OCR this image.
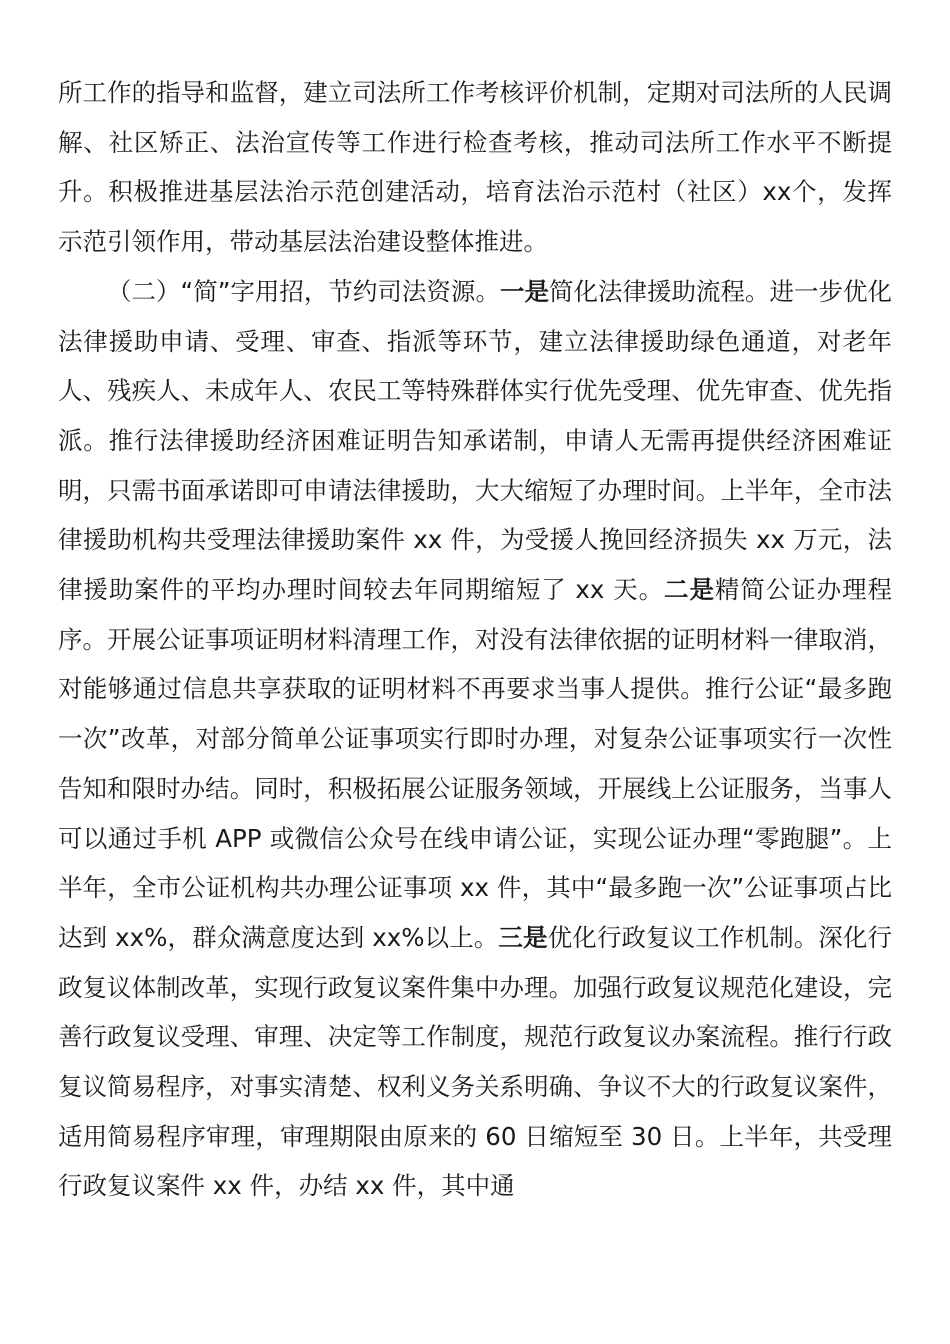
所工作的指导和监督，建立司法所工作考核评价机制，定期对司法所的人民调解、社区矫正、法治宣传等工作进行检查考核，推动司法所工作水平不断提升。积极推进基层法治示范创建活动，培育法治示范村（社区）xx个，发挥示范引领作用，带动基层法治建设整体推进。

（二）“简”字用招，节约司法资源。一是简化法律援助流程。进一步优化法律援助申请、受理、审查、指派等环节，建立法律援助绿色通道，对老年人、残疾人、未成年人、农民工等特殊群体实行优先受理、优先审查、优先指派。推行法律援助经济困难证明告知承诺制，申请人无需再提供经济困难证明，只需书面承诺即可申请法律援助，大大缩短了办理时间。上半年，全市法律援助机构共受理法律援助案件 xx 件，为受援人挽回经济损失 xx 万元，法律援助案件的平均办理时间较去年同期缩短了 xx 天。二是精简公证办理程序。开展公证事项证明材料清理工作，对没有法律依据的证明材料一律取消，对能够通过信息共享获取的证明材料不再要求当事人提供。推行公证“最多跑一次”改革，对部分简单公证事项实行即时办理，对复杂公证事项实行一次性告知和限时办结。同时，积极拓展公证服务领域，开展线上公证服务，当事人可以通过手机 APP 或微信公众号在线申请公证，实现公证办理“零跑腿”。上半年，全市公证机构共办理公证事项 xx 件，其中“最多跑一次”公证事项占比达到 xx%，群众满意度达到 xx%以上。三是优化行政复议工作机制。深化行政复议体制改革，实现行政复议案件集中办理。加强行政复议规范化建设，完善行政复议受理、审理、决定等工作制度，规范行政复议办案流程。推行行政复议简易程序，对事实清楚、权利义务关系明确、争议不大的行政复议案件，适用简易程序审理，审理期限由原来的 60 日缩短至 30 日。上半年，共受理行政复议案件 xx 件，办结 xx 件，其中通
